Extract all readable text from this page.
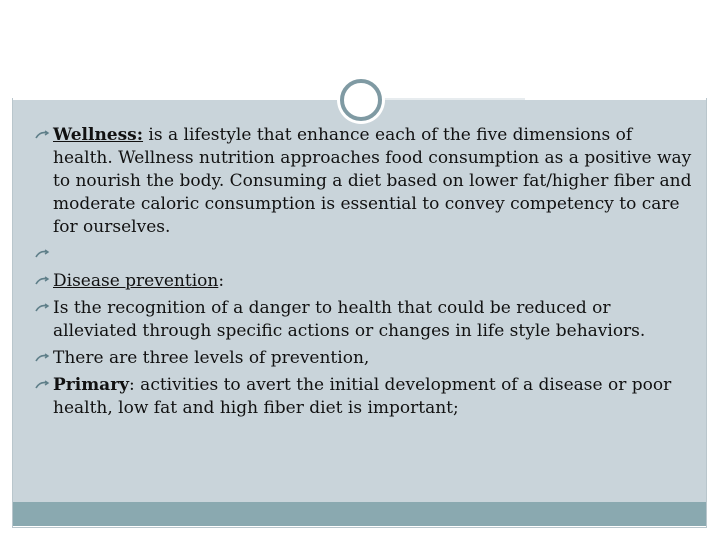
Wellness: is a lifestyle that enhance each of the five dimensions of health. Wellness nutrition approaches food consumption as a positive way to nourish the body. Consuming a diet based on lower fat/higher fiber and moderate caloric consumption is essential to convey competency to care for ourselves.
Disease prevention:
Is the recognition of a danger to health that could be reduced or alleviated through specific actions or changes in life style behaviors.
There are three levels of prevention,
Primary: activities to avert the initial development of a disease or poor health, low fat and high fiber diet is important;
